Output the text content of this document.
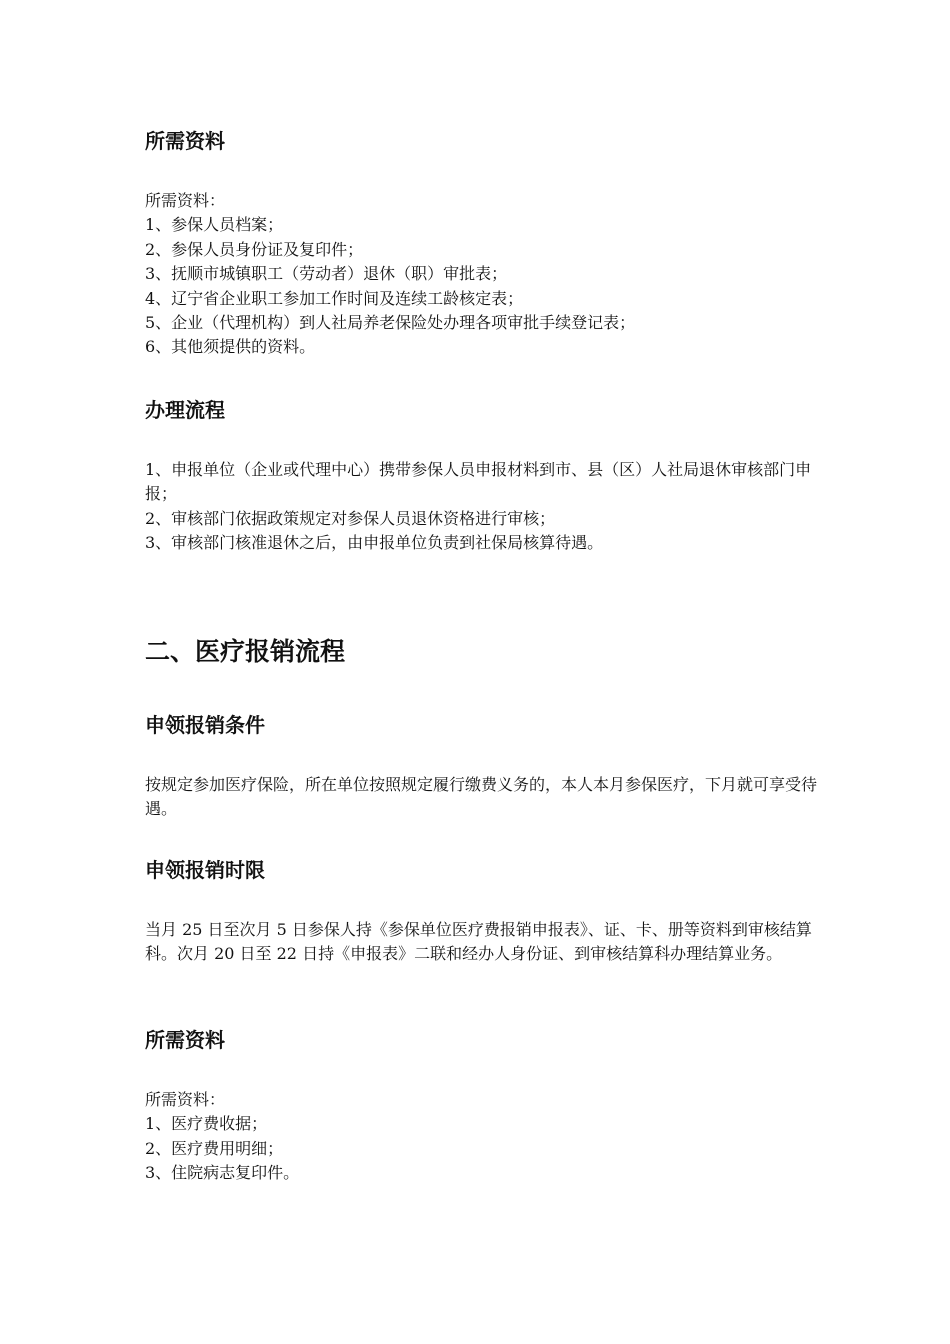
所需资料
所需资料：
1、参保人员档案；
2、参保人员身份证及复印件；
3、抚顺市城镇职工（劳动者）退休（职）审批表；
4、辽宁省企业职工参加工作时间及连续工龄核定表；
5、企业（代理机构）到人社局养老保险处办理各项审批手续登记表；
6、其他须提供的资料。
办理流程
1、申报单位（企业或代理中心）携带参保人员申报材料到市、县（区）人社局退休审核部门申报；
2、审核部门依据政策规定对参保人员退休资格进行审核；
3、审核部门核准退休之后，由申报单位负责到社保局核算待遇。
二、医疗报销流程
申领报销条件

按规定参加医疗保险，所在单位按照规定履行缴费义务的，本人本月参保医疗，下月就可享受待遇。

申领报销时限

当月 25 日至次月 5 日参保人持《参保单位医疗费报销申报表》、证、卡、册等资料到审核结算科。次月 20 日至 22 日持《申报表》二联和经办人身份证、到审核结算科办理结算业务。

所需资料
所需资料：
1、医疗费收据；
2、医疗费用明细；
3、住院病志复印件。
